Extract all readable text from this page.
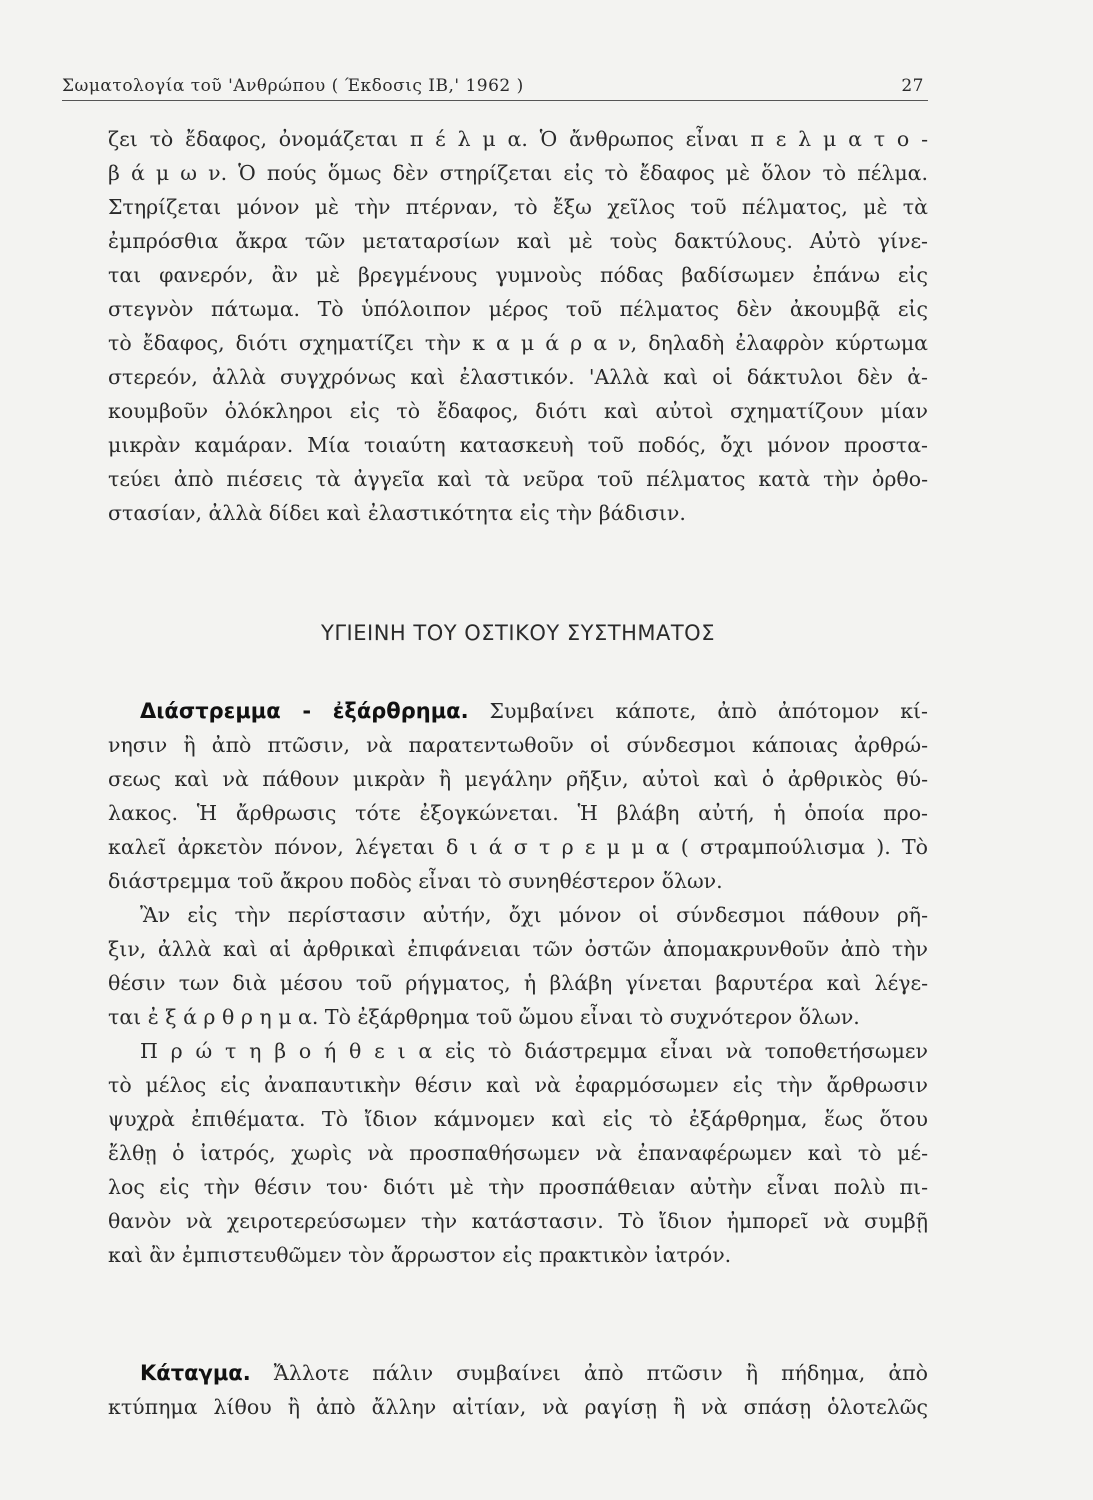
Σωματολογία τοῦ 'Ανθρώπου ( Έκδοσις ΙΒ,' 1962 )	27
ζει τὸ ἔδαφος, ὀνομάζεται π έ λ μ α. Ὁ ἄνθρωπος εἶναι π ε λ μ α τ ο -
β ά μ ω ν. Ὁ πούς ὅμως δὲν στηρίζεται εἰς τὸ ἔδαφος μὲ ὅλον τὸ πέλμα.
Στηρίζεται μόνον μὲ τὴν πτέρναν, τὸ ἔξω χεῖλος τοῦ πέλματος, μὲ τὰ
ἐμπρόσθια ἄκρα τῶν μεταταρσίων καὶ μὲ τοὺς δακτύλους. Αὐτὸ γίνε-
ται φανερόν, ἂν μὲ βρεγμένους γυμνοὺς πόδας βαδίσωμεν ἐπάνω εἰς
στεγνὸν πάτωμα. Τὸ ὑπόλοιπον μέρος τοῦ πέλματος δὲν ἀκουμβᾷ εἰς
τὸ ἔδαφος, διότι σχηματίζει τὴν κ α μ ά ρ α ν, δηλαδὴ ἐλαφρὸν κύρτωμα
στερεόν, ἀλλὰ συγχρόνως καὶ ἐλαστικόν. 'Αλλὰ καὶ οἱ δάκτυλοι δὲν ἀ-
κουμβοῦν ὁλόκληροι εἰς τὸ ἔδαφος, διότι καὶ αὐτοὶ σχηματίζουν μίαν
μικρὰν καμάραν. Μία τοιαύτη κατασκευὴ τοῦ ποδός, ὄχι μόνον προστα-
τεύει ἀπὸ πιέσεις τὰ ἀγγεῖα καὶ τὰ νεῦρα τοῦ πέλματος κατὰ τὴν ὀρθο-
στασίαν, ἀλλὰ δίδει καὶ ἐλαστικότητα εἰς τὴν βάδισιν.
ΥΓΙΕΙΝΗ ΤΟΥ ΟΣΤΙΚΟΥ ΣΥΣΤΗΜΑΤΟΣ
Διάστρεμμα - ἐξάρθρημα. Συμβαίνει κάποτε, ἀπὸ ἀπότομον κί-
νησιν ἢ ἀπὸ πτῶσιν, νὰ παρατεντωθοῦν οἱ σύνδεσμοι κάποιας ἀρθρώ-
σεως καὶ νὰ πάθουν μικρὰν ἢ μεγάλην ρῆξιν, αὐτοὶ καὶ ὁ ἀρθρικὸς θύ-
λακος. Ἡ ἄρθρωσις τότε ἐξογκώνεται. Ἡ βλάβη αὐτή, ἡ ὁποία προ-
καλεῖ ἀρκετὸν πόνον, λέγεται δ ι ά σ τ ρ ε μ μ α ( στραμπούλισμα ). Τὸ
διάστρεμμα τοῦ ἄκρου ποδὸς εἶναι τὸ συνηθέστερον ὅλων.
Ἂν εἰς τὴν περίστασιν αὐτήν, ὄχι μόνον οἱ σύνδεσμοι πάθουν ρῆ-
ξιν, ἀλλὰ καὶ αἱ ἀρθρικαὶ ἐπιφάνειαι τῶν ὀστῶν ἀπομακρυνθοῦν ἀπὸ τὴν
θέσιν των διὰ μέσου τοῦ ρήγματος, ἡ βλάβη γίνεται βαρυτέρα καὶ λέγε-
ται ἐ ξ ά ρ θ ρ η μ α. Τὸ ἐξάρθρημα τοῦ ὤμου εἶναι τὸ συχνότερον ὅλων.
Π ρ ώ τ η β ο ή θ ε ι α εἰς τὸ διάστρεμμα εἶναι νὰ τοποθετήσωμεν
τὸ μέλος εἰς ἀναπαυτικὴν θέσιν καὶ νὰ ἐφαρμόσωμεν εἰς τὴν ἄρθρωσιν
ψυχρὰ ἐπιθέματα. Τὸ ἴδιον κάμνομεν καὶ εἰς τὸ ἐξάρθρημα, ἕως ὅτου
ἔλθῃ ὁ ἰατρός, χωρὶς νὰ προσπαθήσωμεν νὰ ἐπαναφέρωμεν καὶ τὸ μέ-
λος εἰς τὴν θέσιν του· διότι μὲ τὴν προσπάθειαν αὐτὴν εἶναι πολὺ πι-
θανὸν νὰ χειροτερεύσωμεν τὴν κατάστασιν. Τὸ ἴδιον ἠμπορεῖ νὰ συμβῇ
καὶ ἂν ἐμπιστευθῶμεν τὸν ἄρρωστον εἰς πρακτικὸν ἰατρόν.
Κάταγμα. Ἄλλοτε πάλιν συμβαίνει ἀπὸ πτῶσιν ἢ πήδημα, ἀπὸ
κτύπημα λίθου ἢ ἀπὸ ἄλλην αἰτίαν, νὰ ραγίσῃ ἢ νὰ σπάσῃ ὁλοτελῶς
